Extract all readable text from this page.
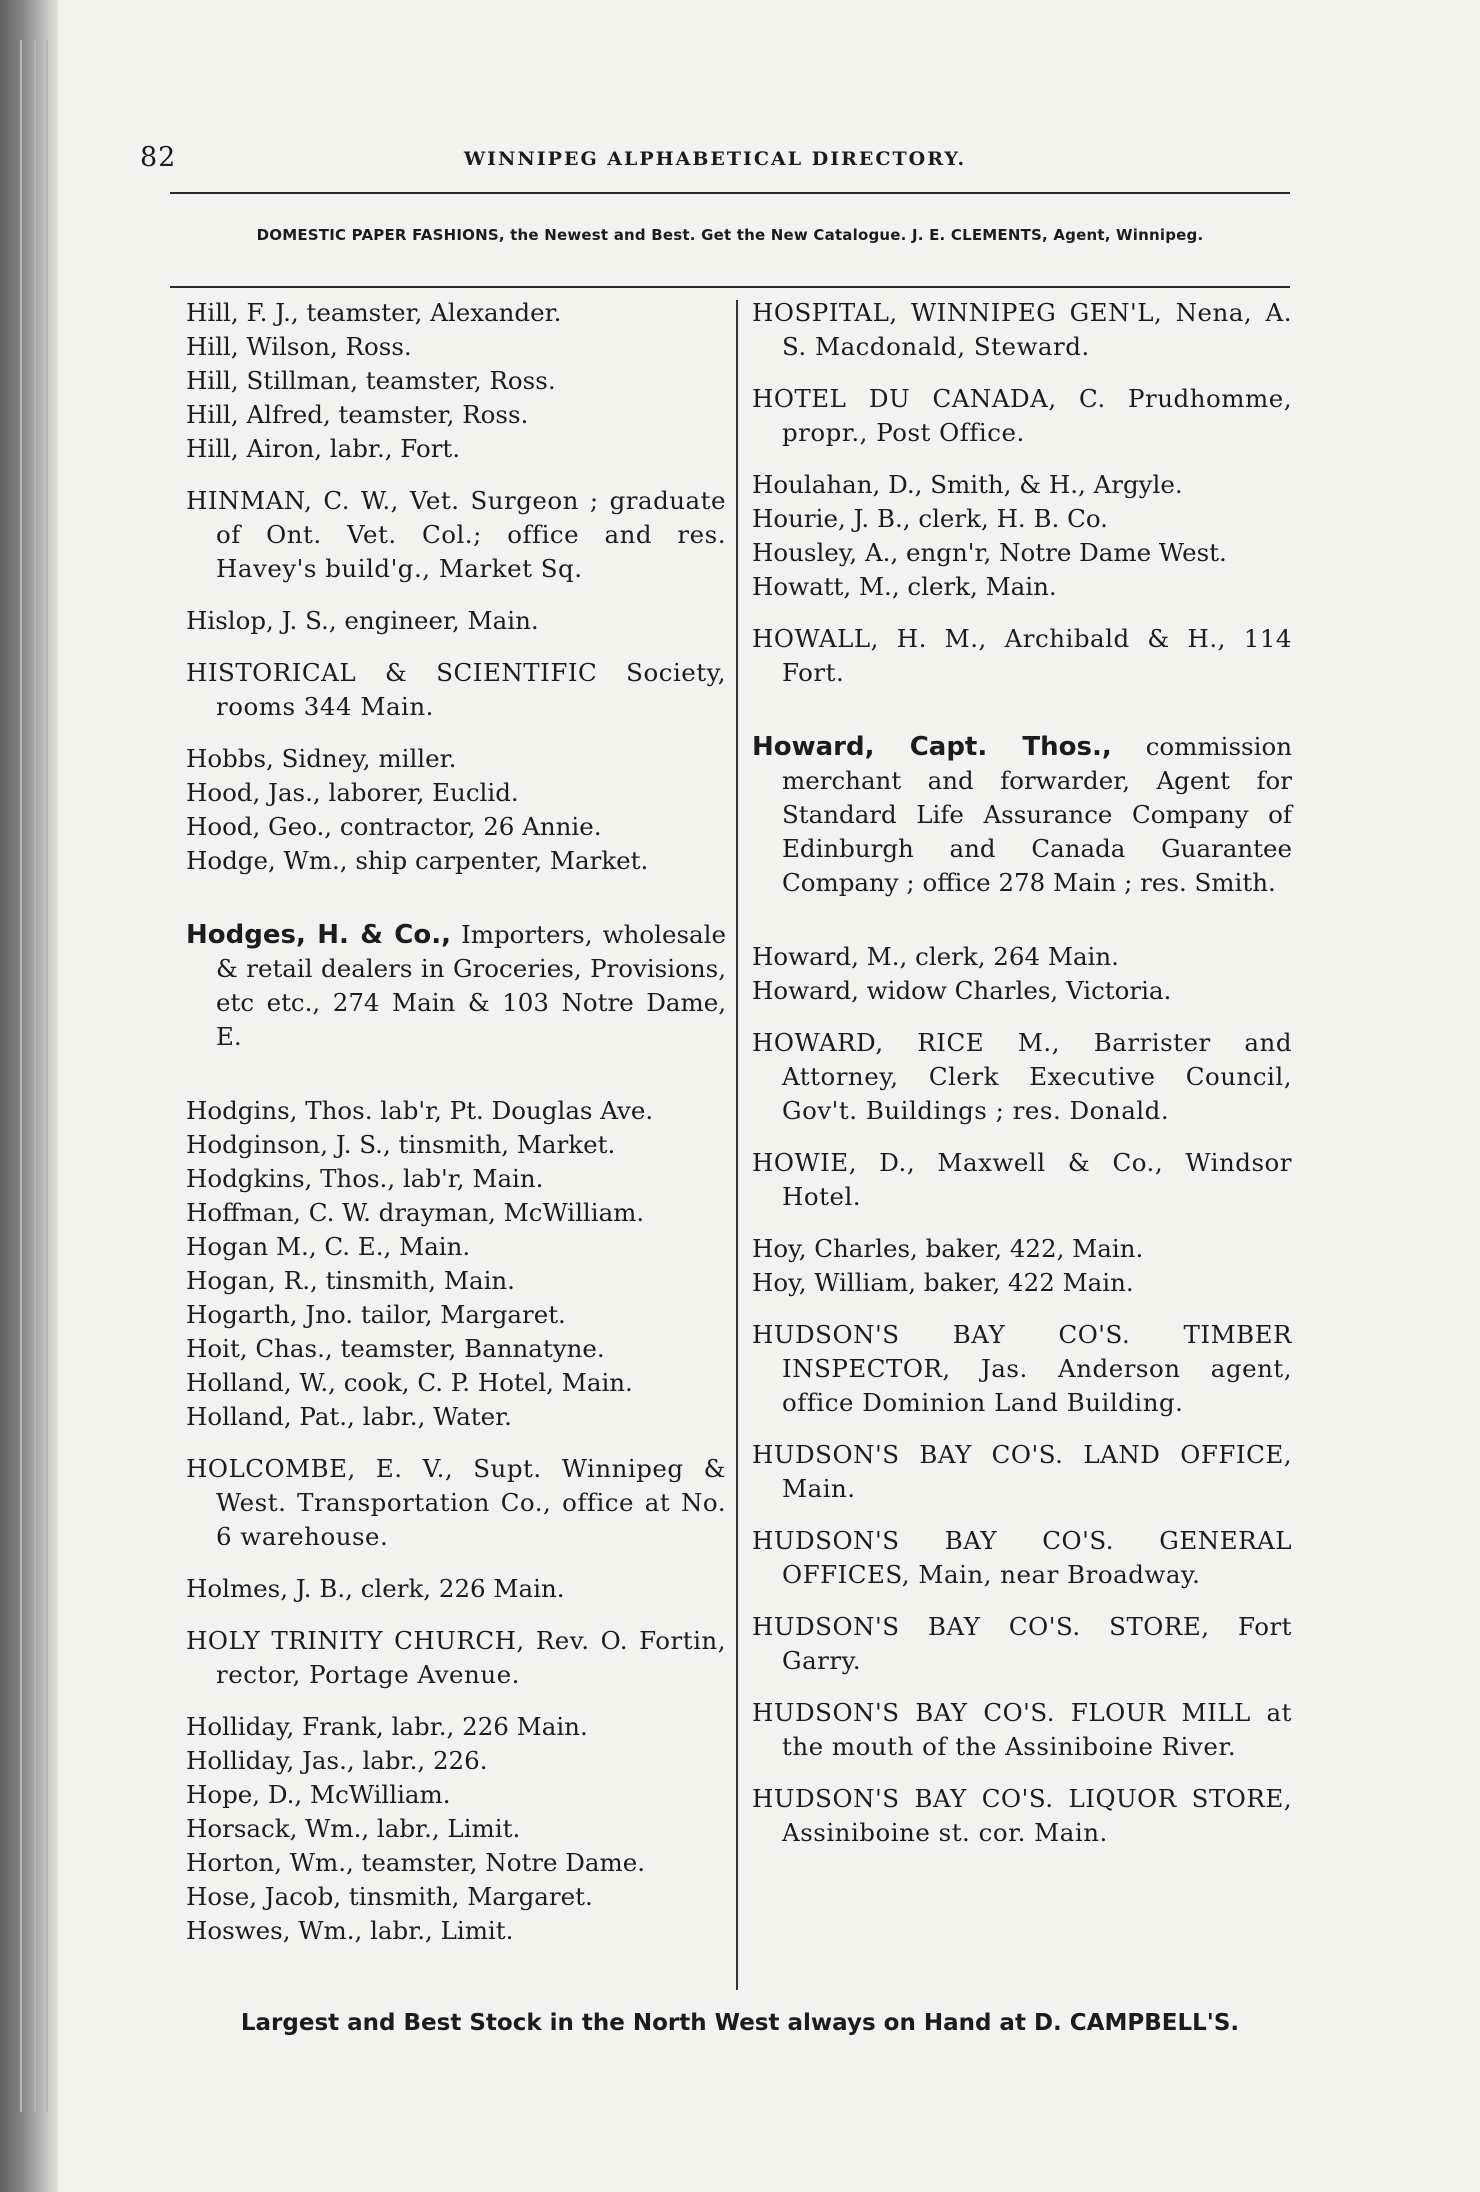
82	WINNIPEG ALPHABETICAL DIRECTORY.
DOMESTIC PAPER FASHIONS, the Newest and Best. Get the New Catalogue. J. E. CLEMENTS, Agent, Winnipeg.
Hill, F. J., teamster, Alexander.
Hill, Wilson, Ross.
Hill, Stillman, teamster, Ross.
Hill, Alfred, teamster, Ross.
Hill, Airon, labr., Fort.
HINMAN, C. W., Vet. Surgeon ; graduate of Ont. Vet. Col.; office and res. Havey's build'g., Market Sq.
Hislop, J. S., engineer, Main.
HISTORICAL & SCIENTIFIC Society, rooms 344 Main.
Hobbs, Sidney, miller.
Hood, Jas., laborer, Euclid.
Hood, Geo., contractor, 26 Annie.
Hodge, Wm., ship carpenter, Market.
Hodges, H. & Co., Importers, wholesale & retail dealers in Groceries, Provisions, etc etc., 274 Main & 103 Notre Dame, E.
Hodgins, Thos. lab'r, Pt. Douglas Ave.
Hodginson, J. S., tinsmith, Market.
Hodgkins, Thos., lab'r, Main.
Hoffman, C. W. drayman, McWilliam.
Hogan M., C. E., Main.
Hogan, R., tinsmith, Main.
Hogarth, Jno. tailor, Margaret.
Hoit, Chas., teamster, Bannatyne.
Holland, W., cook, C. P. Hotel, Main.
Holland, Pat., labr., Water.
HOLCOMBE, E. V., Supt. Winnipeg & West. Transportation Co., office at No. 6 warehouse.
Holmes, J. B., clerk, 226 Main.
HOLY TRINITY CHURCH, Rev. O. Fortin, rector, Portage Avenue.
Holliday, Frank, labr., 226 Main.
Holliday, Jas., labr., 226.
Hope, D., McWilliam.
Horsack, Wm., labr., Limit.
Horton, Wm., teamster, Notre Dame.
Hose, Jacob, tinsmith, Margaret.
Hoswes, Wm., labr., Limit.
HOSPITAL, WINNIPEG GEN'L, Nena, A. S. Macdonald, Steward.
HOTEL DU CANADA, C. Prudhomme, propr., Post Office.
Houlahan, D., Smith, & H., Argyle.
Hourie, J. B., clerk, H. B. Co.
Housley, A., engn'r, Notre Dame West.
Howatt, M., clerk, Main.
HOWALL, H. M., Archibald & H., 114 Fort.
Howard, Capt. Thos., commission merchant and forwarder, Agent for Standard Life Assurance Company of Edinburgh and Canada Guarantee Company ; office 278 Main ; res. Smith.
Howard, M., clerk, 264 Main.
Howard, widow Charles, Victoria.
HOWARD, RICE M., Barrister and Attorney, Clerk Executive Council, Gov't. Buildings ; res. Donald.
HOWIE, D., Maxwell & Co., Windsor Hotel.
Hoy, Charles, baker, 422, Main.
Hoy, William, baker, 422 Main.
HUDSON'S BAY CO'S. TIMBER INSPECTOR, Jas. Anderson agent, office Dominion Land Building.
HUDSON'S BAY CO'S. LAND OFFICE, Main.
HUDSON'S BAY CO'S. GENERAL OFFICES, Main, near Broadway.
HUDSON'S BAY CO'S. STORE, Fort Garry.
HUDSON'S BAY CO'S. FLOUR MILL at the mouth of the Assiniboine River.
HUDSON'S BAY CO'S. LIQUOR STORE, Assiniboine st. cor. Main.
Largest and Best Stock in the North West always on Hand at D. CAMPBELL'S.
